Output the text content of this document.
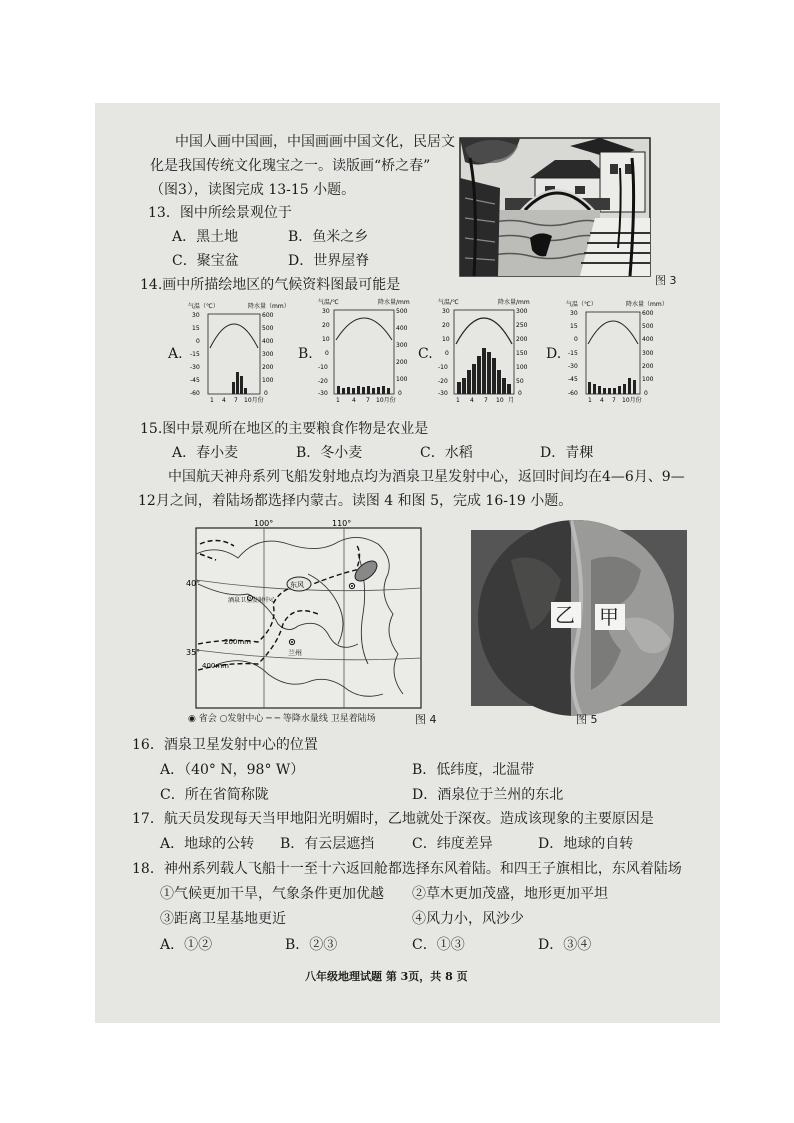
中国人画中国画，中国画画中国文化，民居文
化是我国传统文化瑰宝之一。读版画“桥之春”
（图3），读图完成 13-15 小题。
图 3
13．图中所绘景观位于
A．黑土地	B．鱼米之乡
C．聚宝盆	D．世界屋脊
14.画中所描绘地区的气候资料图最可能是
A.
气温（℃）	降水量（mm）
30
15
0
-15
-30
-45
-60
600
500
400
300
200
100
0
1 4 7 10月份
B.
气温/℃	降水量/mm
30
20
10
0
-10
-20
-30
500
400
300
200
100
0
1 4 7 10月份
C.
气温/℃	降水量/mm
30
20
10
0
-10
-20
-30
300
250
200
150
100
50
0
1 4 7 10 月
D.
气温（℃）	降水量（mm）
30
15
0
-15
-30
-45
-60
600
500
400
300
200
100
0
1 4 7 10月份
15.图中景观所在地区的主要粮食作物是农业是
A．春小麦	B．冬小麦	C．水稻	D．青稞
中国航天神舟系列飞船发射地点均为酒泉卫星发射中心，返回时间均在4—6月、9—
12月之间，着陆场都选择内蒙古。读图 4 和图 5，完成 16-19 小题。
100°	110°
40°
35°
东风
酒泉卫星发射中心
兰州
200mm
400mm
◉ 省会 ○发射中心 ─ ─ 等降水量线 卫星着陆场	图 4
乙 甲
图 5
16．酒泉卫星发射中心的位置
A．（40° N，98° W）	B．低纬度，北温带
C．所在省简称陇	D．酒泉位于兰州的东北
17．航天员发现每天当甲地阳光明媚时，乙地就处于深夜。造成该现象的主要原因是
A．地球的公转 B．有云层遮挡	C．纬度差异	D．地球的自转
18．神州系列载人飞船十一至十六返回舱都选择东风着陆。和四王子旗相比，东风着陆场
①气候更加干旱，气象条件更加优越 ②草木更加茂盛，地形更加平坦
③距离卫星基地更近	④风力小，风沙少
A．①②	B．②③	C．①③	D．③④
八年级地理试题 第 3页，共 8 页
